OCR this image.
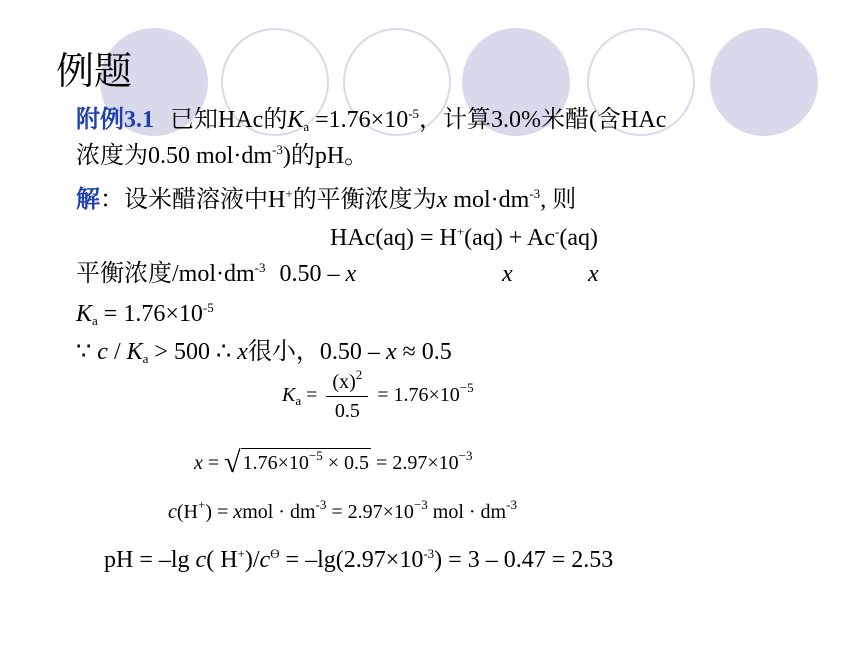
例题
附例3.1 已知HAc的$K_a =1.76\times 10^{-5}$，计算3.0%米醋(含HAc
浓度为0.50 $mol\cdot dm^{-3}$)的pH。
解：设米醋溶液中H+的平衡浓度为x $mol\cdot dm^{-3}$, 则
HAc(aq) = H+(aq) + Ac-(aq)
平衡浓度$/mol\cdot dm^{-3}$ 0.50 – x	x	x
$K_a = 1.76\times 10^{-5}$
∵ $c / K_a > 500$ ∴ x很小，0.50 – x ≈ 0.5
$K_a = \frac{(x)^2}{0.5} = 1.76\times 10^{-5}$
x = √ $1.76\times 10^{-5} \times 0.5 = 2.97\times 10^{-3}$
c(H+) = xmol · $dm^{-3} = 2.97\times 10^{-3}$ mol · $dm^{-3}$
pH = –lg c( $H^+)/c^ϴ = -\lg(2.97\times 10^{-3}) = 3 - 0.47 = 2.53$
